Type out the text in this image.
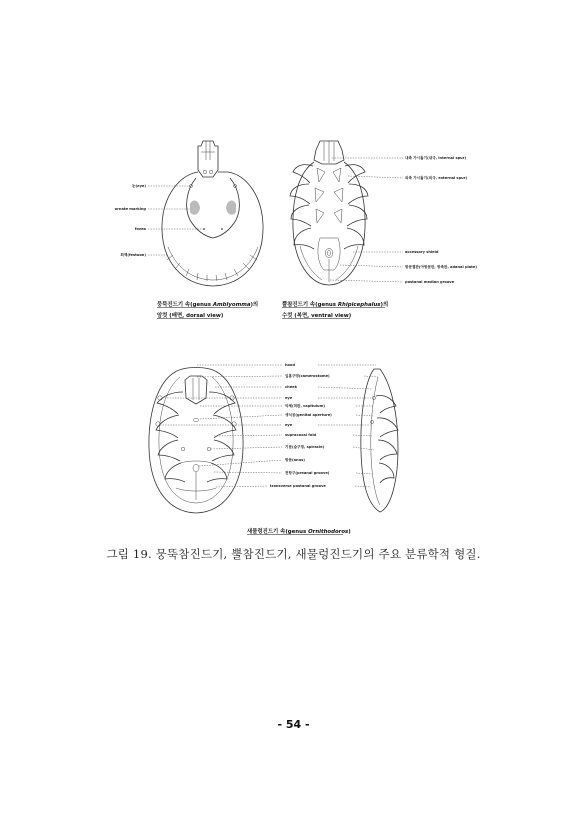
눈(eye)
ornate marking
fovea
회액(festoon)
뭉뚝진드기 속(genus Amblyomma)의
암컷 (배면, dorsal view)
내측 가시돌기(내극, internal spur)
외측 가시돌기(외극, external spur)
accessory shield
항문결판(아항문판, 항측판, adanal plate)
postanal median groove
뿔참진드기 속(genus Rhipicephalus)의
수컷 (복면, ventral view)
hood
입홈구멍(camerostome)
cheek
eye
악체(머판, capitulum)
생식공(genital aperture)
eye
supracoxal fold
기문(숨구멍, spiracle)
항문(anus)
전항구(preanal groove)
transverse postanal groove
새물렁진드기 속(genus Ornithodoros)
그림 19. 뭉뚝참진드기, 뿔참진드기, 새물렁진드기의 주요 분류학적 형질.
- 54 -
